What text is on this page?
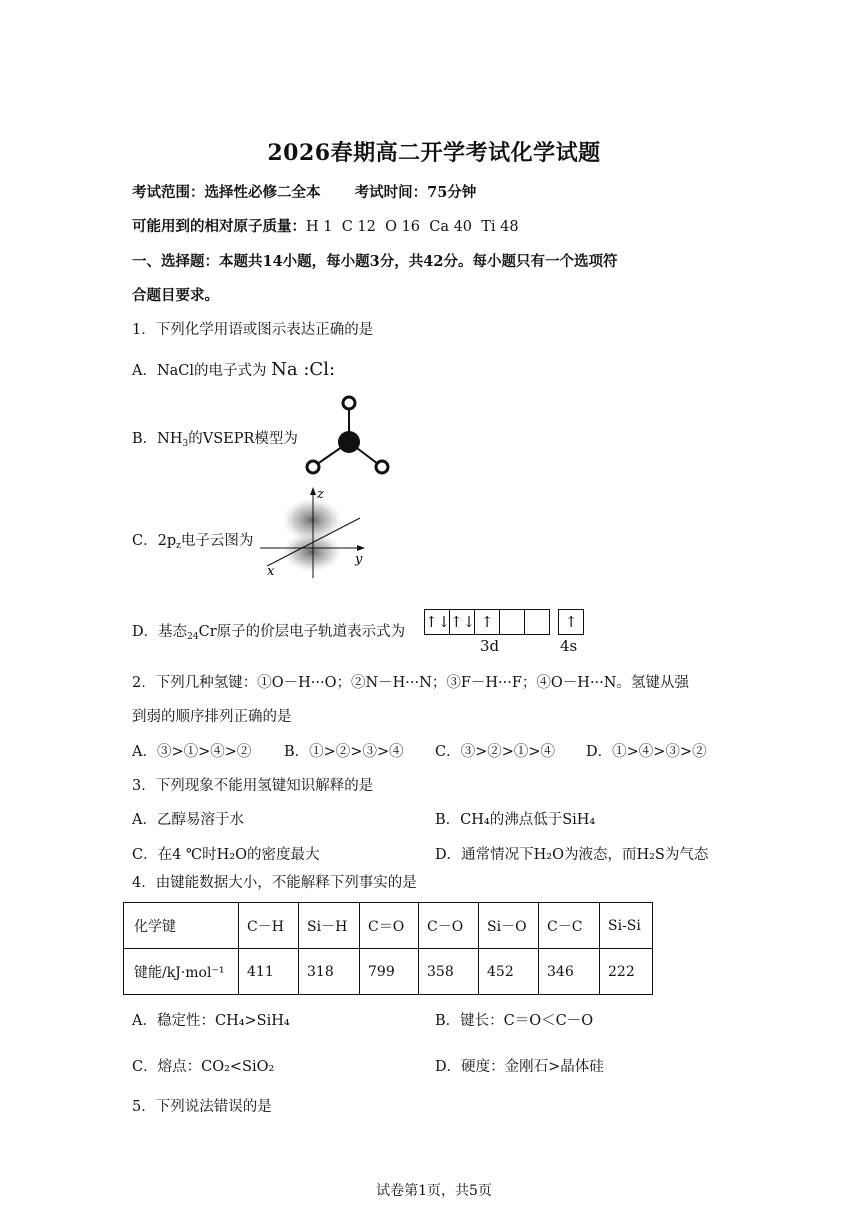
2026春期高二开学考试化学试题
考试范围：选择性必修二全本 考试时间：75分钟
可能用到的相对原子质量：H 1  C 12  O 16  Ca 40  Ti 48
一、选择题：本题共14小题，每小题3分，共42分。每小题只有一个选项符
合题目要求。
1．下列化学用语或图示表达正确的是
A．NaCl的电子式为 Na :Cl:
B．$NH_3$的VSEPR模型为
C．$2p_z$电子云图为
z
y
x
D．基态$_{24}$Cr原子的价层电子轨道表示式为
↑↓ ↑↓ ↑	↑
3d	4s
2．下列几种氢键：①O－H···O；②N－H···N；③F－H···F；④O－H···N。氢键从强
到弱的顺序排列正确的是
A．③>①>④>② B．①>②>③>④ C．③>②>①>④ D．①>④>③>②
3．下列现象不能用氢键知识解释的是
A．乙醇易溶于水	B．CH₄的沸点低于SiH₄
C．在4 ℃时H₂O的密度最大	D．通常情况下H₂O为液态，而H₂S为气态
4．由键能数据大小，不能解释下列事实的是
化学键	C－H	Si－H	C＝O	C－O	Si－O	C－C	Si-Si
键能/kJ·mol⁻¹	411	318	799	358	452	346	222
A．稳定性：CH₄>SiH₄	B．键长：C＝O＜C－O
C．熔点：CO₂<SiO₂	D．硬度：金刚石>晶体硅
5．下列说法错误的是
试卷第1页，共5页
